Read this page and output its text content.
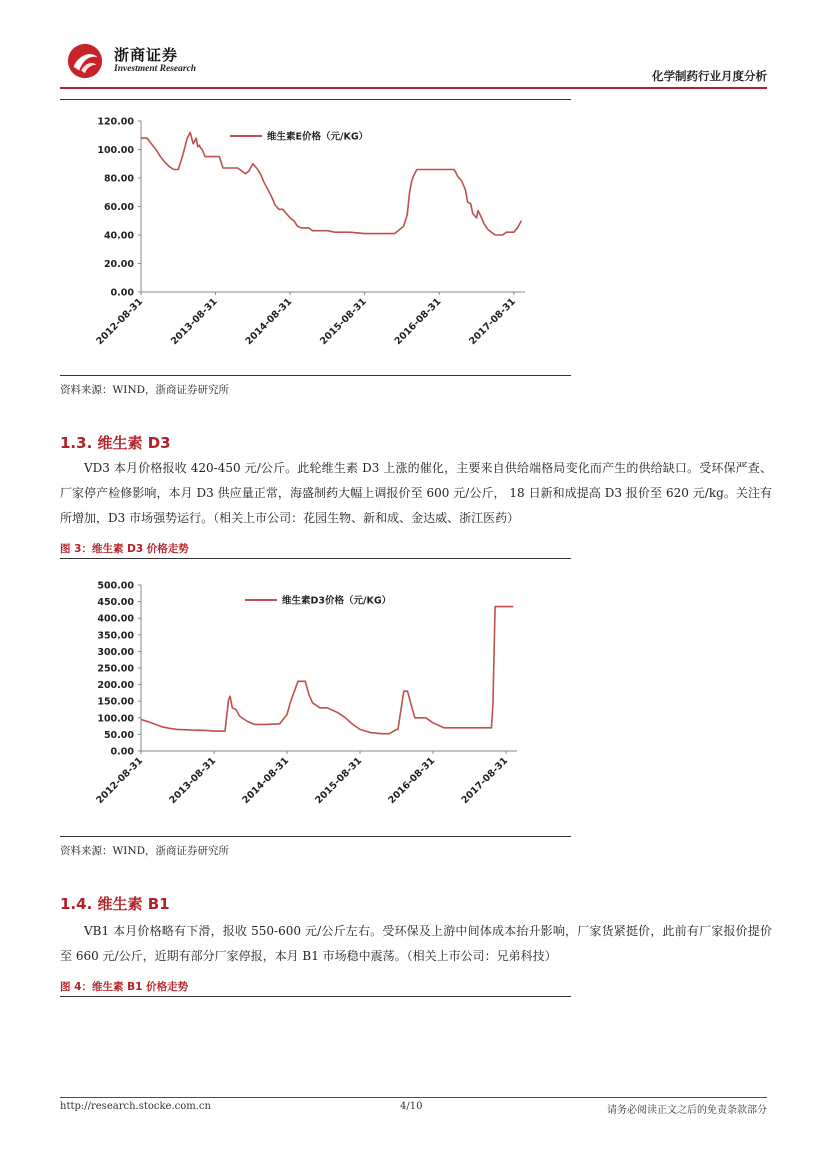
浙商证券
Investment Research	化学制药行业月度分析
120.00
100.00
80.00
60.00
40.00
20.00
0.00
2012-08-31	2013-08-31	2014-08-31	2015-08-31	2016-08-31	2017-08-31
维生素E价格（元/KG）
资料来源：WIND，浙商证券研究所
1.3. 维生素 D3
VD3 本月价格报收 420-450 元/公斤。此轮维生素 D3 上涨的催化，主要来自供给端格局变化而产生的供给缺口。受环保严查、厂家停产检修影响，本月 D3 供应量正常，海盛制药大幅上调报价至 600 元/公斤， 18 日新和成提高 D3 报价至 620 元/kg。关注有所增加，D3 市场强势运行。（相关上市公司：花园生物、新和成、金达威、浙江医药）
图 3：维生素 D3 价格走势
500.00
450.00
400.00
350.00
300.00
250.00
200.00
150.00
100.00
50.00
0.00
2012-08-31 2013-08-31 2014-08-31 2015-08-31 2016-08-31 2017-08-31
维生素D3价格（元/KG）
资料来源：WIND，浙商证券研究所
1.4. 维生素 B1
VB1 本月价格略有下滑，报收 550-600 元/公斤左右。受环保及上游中间体成本抬升影响，厂家货紧挺价，此前有厂家报价提价至 660 元/公斤，近期有部分厂家停报，本月 B1 市场稳中震荡。（相关上市公司：兄弟科技）
图 4：维生素 B1 价格走势
http://research.stocke.com.cn	4/10	请务必阅读正文之后的免责条款部分
